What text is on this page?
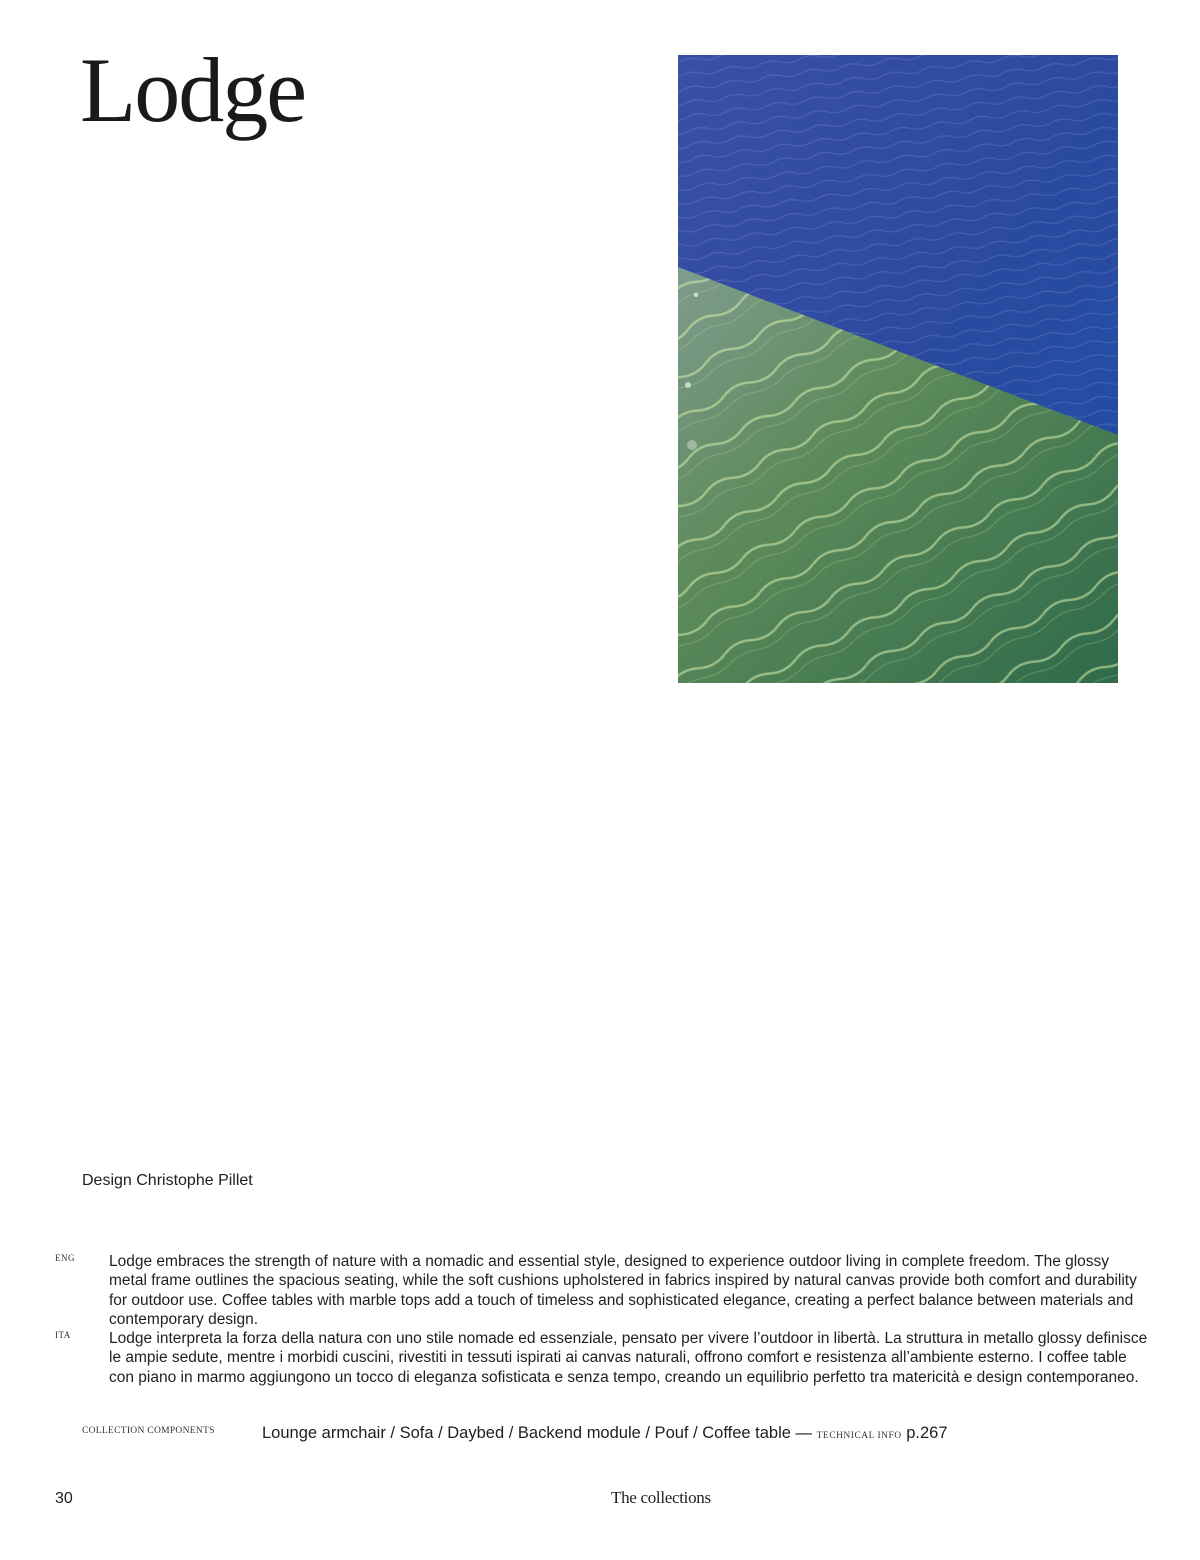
Lodge
Design Christophe Pillet
ENG Lodge embraces the strength of nature with a nomadic and essential style, designed to experience outdoor living in complete freedom. The glossy metal frame outlines the spacious seating, while the soft cushions upholstered in fabrics inspired by natural canvas provide both comfort and durability for outdoor use. Coffee tables with marble tops add a touch of timeless and sophisticated elegance, creating a perfect balance between materials and contemporary design.

ITA Lodge interpreta la forza della natura con uno stile nomade ed essenziale, pensato per vivere l’outdoor in libertà. La struttura in metallo glossy definisce le ampie sedute, mentre i morbidi cuscini, rivestiti in tessuti ispirati ai canvas naturali, offrono comfort e resistenza all’ambiente esterno. I coffee table con piano in marmo aggiungono un tocco di eleganza sofisticata e senza tempo, creando un equilibrio perfetto tra matericità e design contemporaneo.

COLLECTION COMPONENTS	Lounge armchair / Sofa / Daybed / Backend module / Pouf / Coffee table — TECHNICAL INFO p.267
30	The collections
